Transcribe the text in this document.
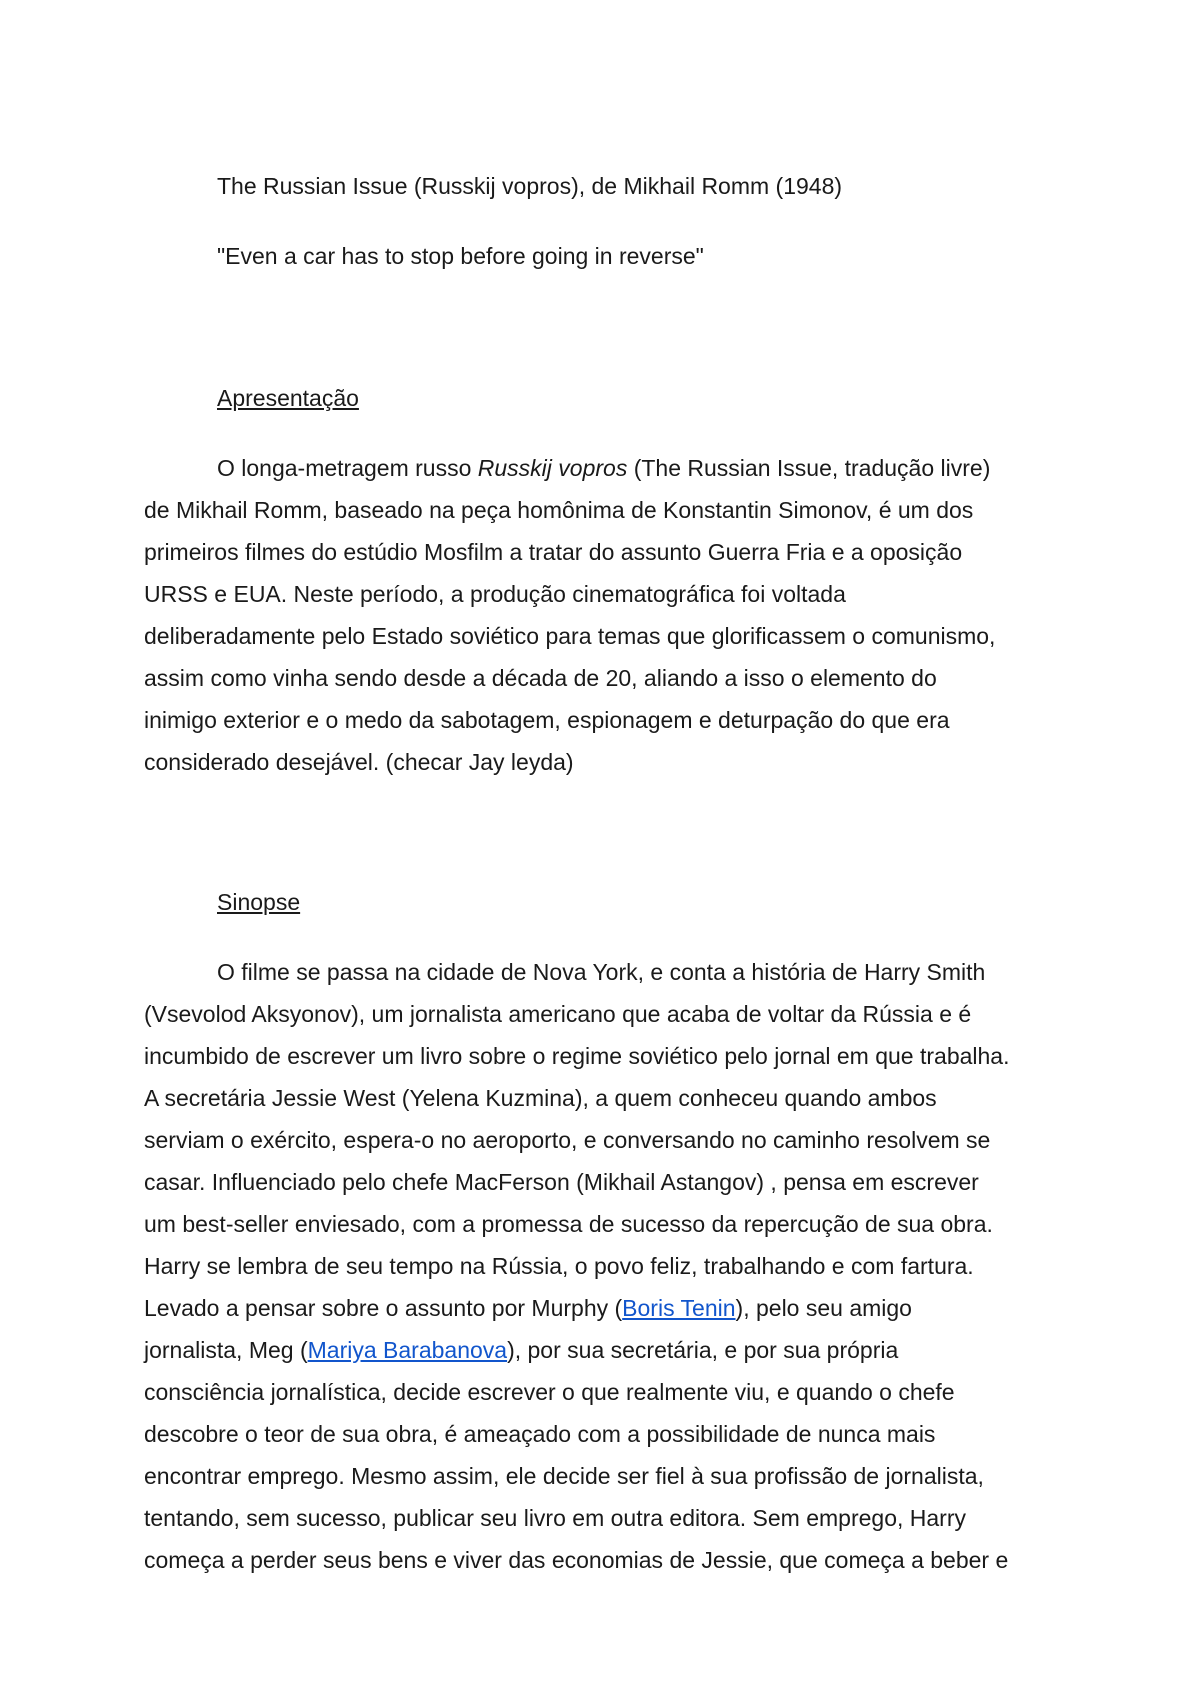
The Russian Issue (Russkij vopros), de Mikhail Romm (1948)
"Even a car has to stop before going in reverse"
Apresentação
O longa-metragem russo Russkij vopros (The Russian Issue, tradução livre)
de Mikhail Romm, baseado na peça homônima de Konstantin Simonov, é um dos
primeiros filmes do estúdio Mosfilm a tratar do assunto Guerra Fria e a oposição
URSS e EUA. Neste período, a produção cinematográfica foi voltada
deliberadamente pelo Estado soviético para temas que glorificassem o comunismo,
assim como vinha sendo desde a década de 20, aliando a isso o elemento do
inimigo exterior e o medo da sabotagem, espionagem e deturpação do que era
considerado desejável. (checar Jay leyda)
Sinopse
O filme se passa na cidade de Nova York, e conta a história de Harry Smith
(Vsevolod Aksyonov), um jornalista americano que acaba de voltar da Rússia e é
incumbido de escrever um livro sobre o regime soviético pelo jornal em que trabalha.
A secretária Jessie West (Yelena Kuzmina), a quem conheceu quando ambos
serviam o exército, espera-o no aeroporto, e conversando no caminho resolvem se
casar. Influenciado pelo chefe MacFerson (Mikhail Astangov) , pensa em escrever
um best-seller enviesado, com a promessa de sucesso da repercução de sua obra.
Harry se lembra de seu tempo na Rússia, o povo feliz, trabalhando e com fartura.
Levado a pensar sobre o assunto por Murphy (Boris Tenin), pelo seu amigo
jornalista, Meg (Mariya Barabanova), por sua secretária, e por sua própria
consciência jornalística, decide escrever o que realmente viu, e quando o chefe
descobre o teor de sua obra, é ameaçado com a possibilidade de nunca mais
encontrar emprego. Mesmo assim, ele decide ser fiel à sua profissão de jornalista,
tentando, sem sucesso, publicar seu livro em outra editora. Sem emprego, Harry
começa a perder seus bens e viver das economias de Jessie, que começa a beber e
